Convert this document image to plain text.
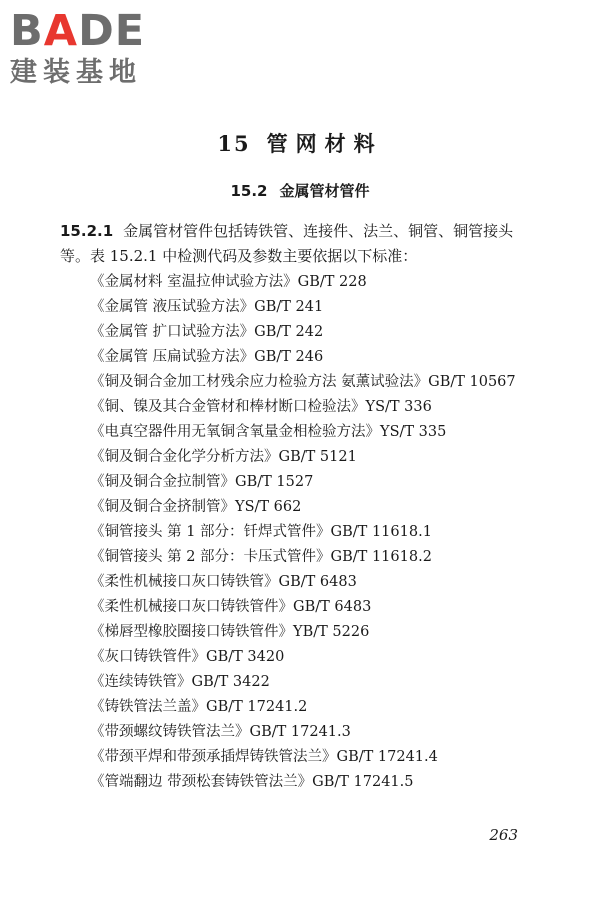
BADE
建装基地
15 管网材料
15.2 金属管材管件

15.2.1 金属管材管件包括铸铁管、连接件、法兰、铜管、铜管接头等。表 15.2.1 中检测代码及参数主要依据以下标准：

《金属材料 室温拉伸试验方法》GB/T 228
《金属管 液压试验方法》GB/T 241
《金属管 扩口试验方法》GB/T 242
《金属管 压扁试验方法》GB/T 246
《铜及铜合金加工材残余应力检验方法 氨薰试验法》GB/T 10567
《铜、镍及其合金管材和棒材断口检验法》YS/T 336
《电真空器件用无氧铜含氧量金相检验方法》YS/T 335
《铜及铜合金化学分析方法》GB/T 5121
《铜及铜合金拉制管》GB/T 1527
《铜及铜合金挤制管》YS/T 662
《铜管接头 第 1 部分：钎焊式管件》GB/T 11618.1
《铜管接头 第 2 部分：卡压式管件》GB/T 11618.2
《柔性机械接口灰口铸铁管》GB/T 6483
《柔性机械接口灰口铸铁管件》GB/T 6483
《梯唇型橡胶圈接口铸铁管件》YB/T 5226
《灰口铸铁管件》GB/T 3420
《连续铸铁管》GB/T 3422
《铸铁管法兰盖》GB/T 17241.2
《带颈螺纹铸铁管法兰》GB/T 17241.3
《带颈平焊和带颈承插焊铸铁管法兰》GB/T 17241.4
《管端翻边 带颈松套铸铁管法兰》GB/T 17241.5
263
